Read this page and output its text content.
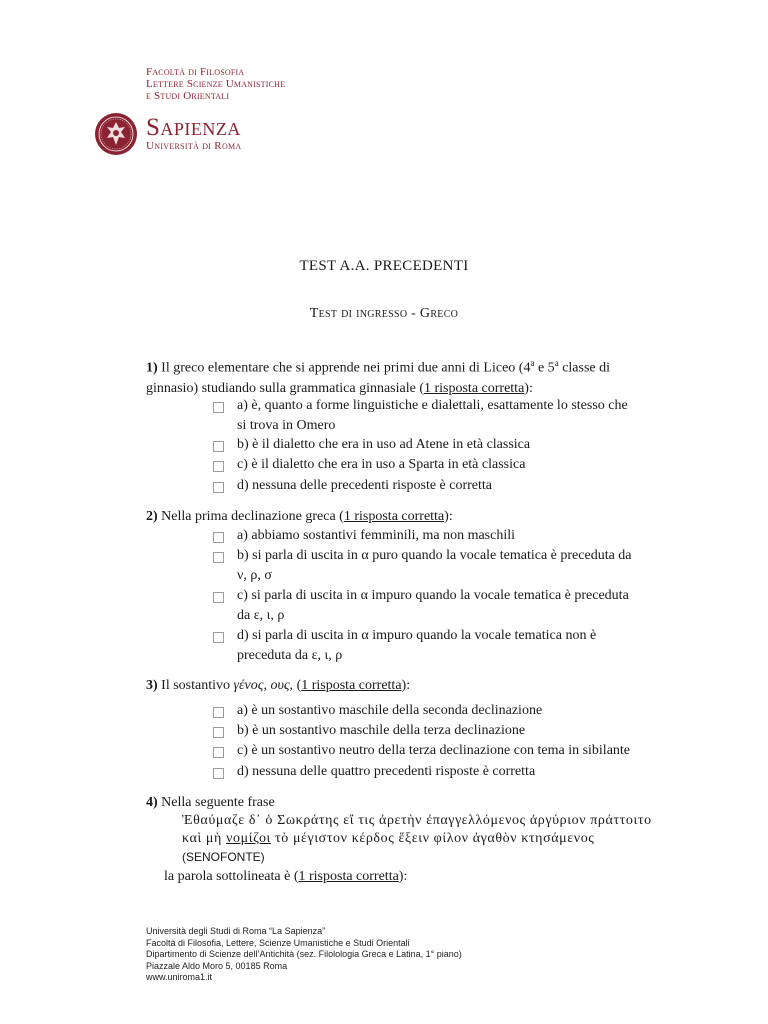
Facoltà di Filosofia
Lettere Scienze Umanistiche
e Studi Orientali
Sapienza
Università di Roma
TEST A.A. PRECEDENTI
Test di ingresso - Greco
1) Il greco elementare che si apprende nei primi due anni di Liceo (4$^a$ e 5$^a$ classe di
ginnasio) studiando sulla grammatica ginnasiale (1 risposta corretta):
a) è, quanto a forme linguistiche e dialettali, esattamente lo stesso che
si trova in Omero
b) è il dialetto che era in uso ad Atene in età classica
c) è il dialetto che era in uso a Sparta in età classica
d) nessuna delle precedenti risposte è corretta
2) Nella prima declinazione greca (1 risposta corretta):
a) abbiamo sostantivi femminili, ma non maschili
b) si parla di uscita in α puro quando la vocale tematica è preceduta da
ν, ρ, σ
c) si parla di uscita in α impuro quando la vocale tematica è preceduta
da ε, ι, ρ
d) si parla di uscita in α impuro quando la vocale tematica non è
preceduta da ε, ι, ρ
3) Il sostantivo γένος, ους, (1 risposta corretta):
a) è un sostantivo maschile della seconda declinazione
b) è un sostantivo maschile della terza declinazione
c) è un sostantivo neutro della terza declinazione con tema in sibilante
d) nessuna delle quattro precedenti risposte è corretta
4) Nella seguente frase
Ἐθαύμαζε δ᾽ ὁ Σωκράτης εἴ τις ἀρετὴν ἐπαγγελλόμενος ἀργύριον πράττοιτο
καὶ μὴ νομίζοι τὸ μέγιστον κέρδος ἕξειν φίλον ἀγαθὸν κτησάμενος
(SENOFONTE)
la parola sottolineata è (1 risposta corretta):
Università degli Studi di Roma “La Sapienza”
Facoltà di Filosofia, Lettere, Scienze Umanistiche e Studi Orientali
Dipartimento di Scienze dell’Antichità (sez. Filolologia Greca e Latina, 1° piano)
Piazzale Aldo Moro 5, 00185 Roma
www.uniroma1.it
